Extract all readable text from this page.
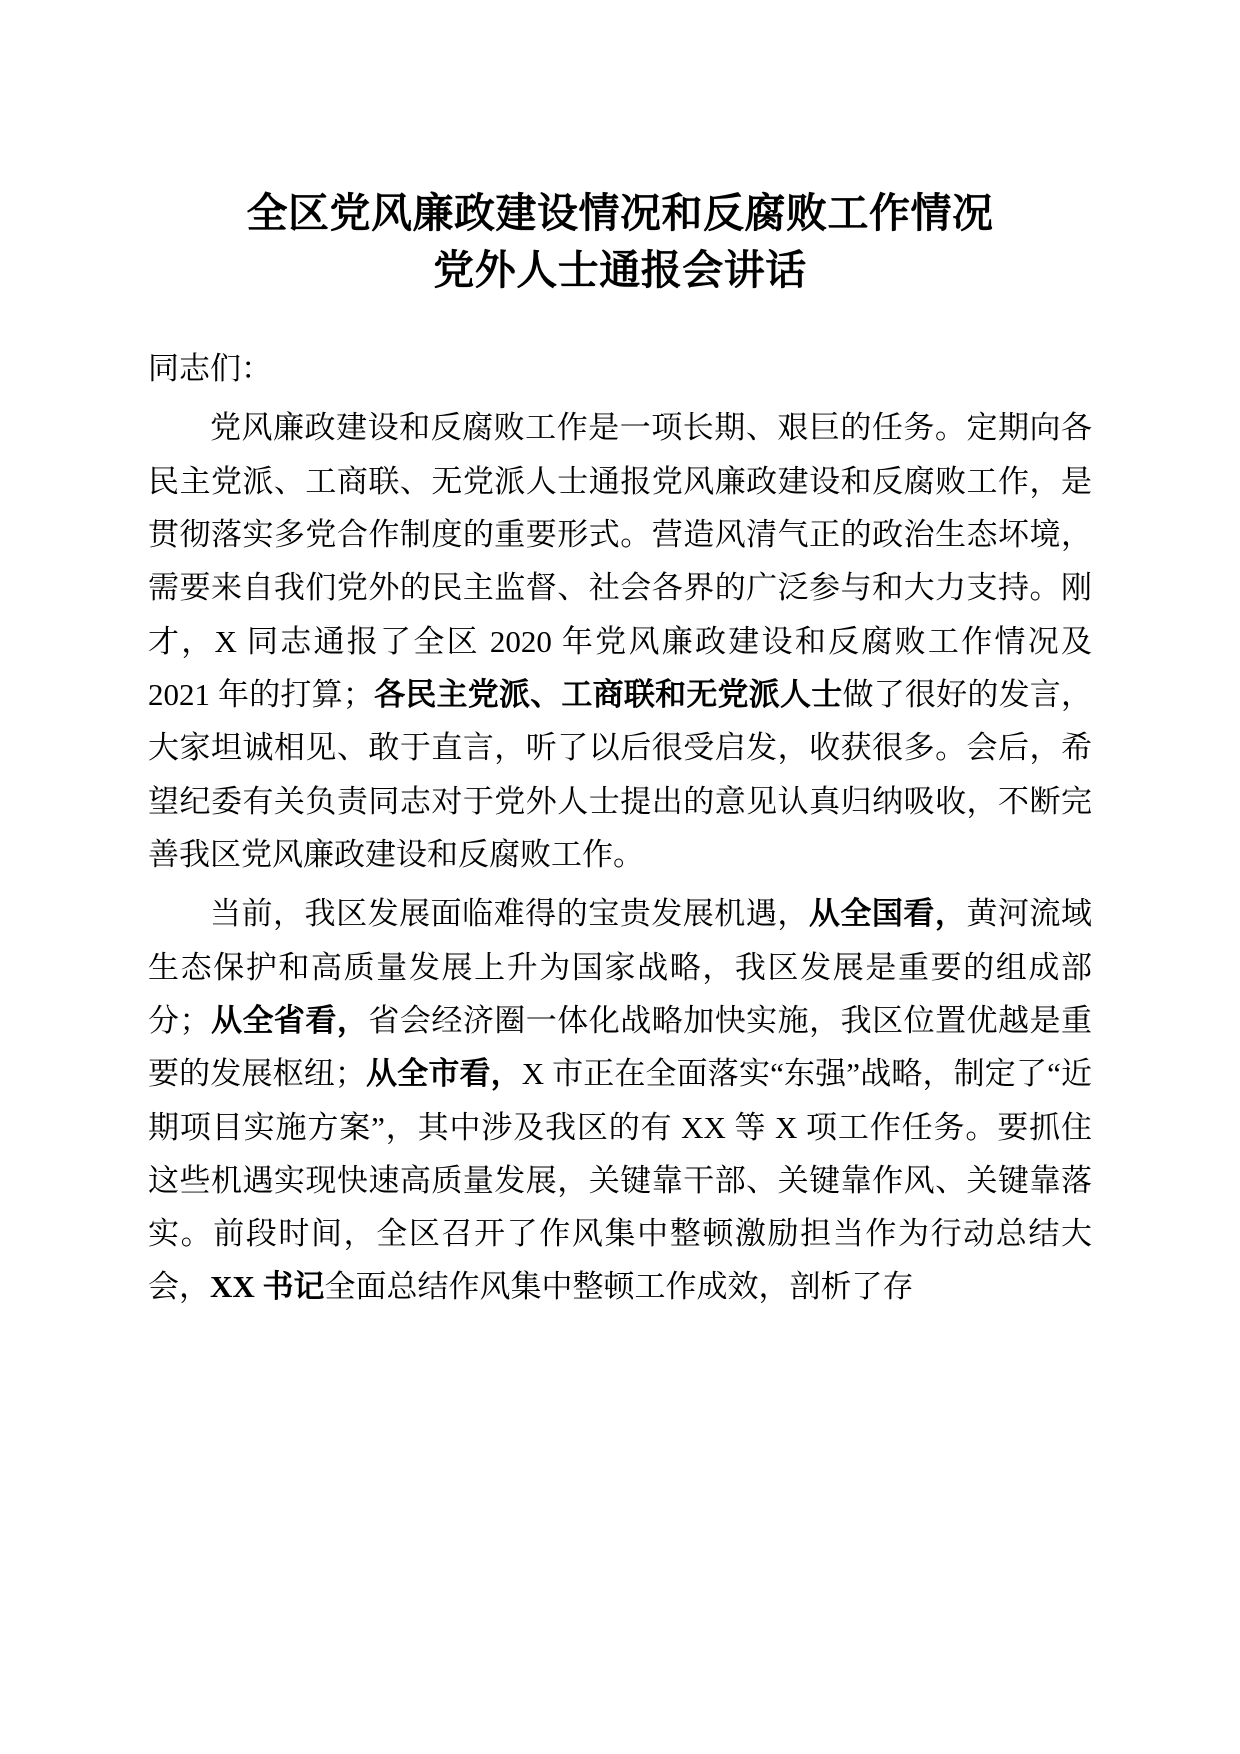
全区党风廉政建设情况和反腐败工作情况
党外人士通报会讲话

同志们：

党风廉政建设和反腐败工作是一项长期、艰巨的任务。定期向各民主党派、工商联、无党派人士通报党风廉政建设和反腐败工作，是贯彻落实多党合作制度的重要形式。营造风清气正的政治生态坏境，需要来自我们党外的民主监督、社会各界的广泛参与和大力支持。刚才，X 同志通报了全区 2020 年党风廉政建设和反腐败工作情况及 2021 年的打算；各民主党派、工商联和无党派人士做了很好的发言，大家坦诚相见、敢于直言，听了以后很受启发，收获很多。会后，希望纪委有关负责同志对于党外人士提出的意见认真归纳吸收，不断完善我区党风廉政建设和反腐败工作。

当前，我区发展面临难得的宝贵发展机遇，从全国看，黄河流域生态保护和高质量发展上升为国家战略，我区发展是重要的组成部分；从全省看，省会经济圈一体化战略加快实施，我区位置优越是重要的发展枢纽；从全市看，X 市正在全面落实“东强”战略，制定了“近期项目实施方案”，其中涉及我区的有 XX 等 X 项工作任务。要抓住这些机遇实现快速高质量发展，关键靠干部、关键靠作风、关键靠落实。前段时间，全区召开了作风集中整顿激励担当作为行动总结大会，XX 书记全面总结作风集中整顿工作成效，剖析了存
